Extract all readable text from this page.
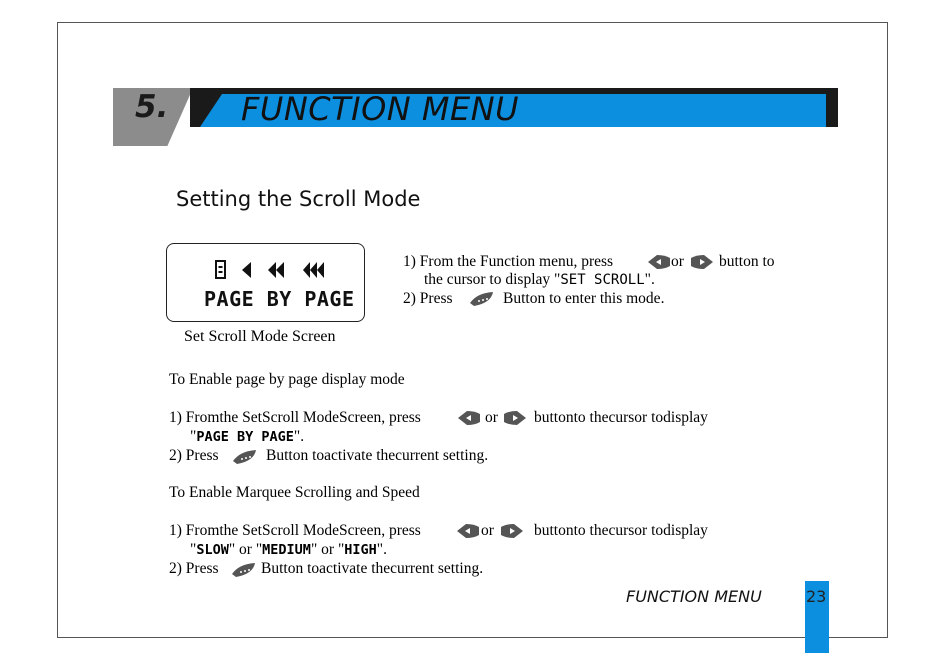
5. FUNCTION MENU
Setting the Scroll Mode
PAGE BY PAGE
Set Scroll Mode Screen
1) From the Function menu, press	or button to
the cursor to display "SET SCROLL".
2) Press	Button to enter this mode.
To Enable page by page display mode
1) Fromthe SetScroll ModeScreen, press	or buttonto thecursor todisplay
"PAGE BY PAGE".
2) Press	Button toactivate thecurrent setting.
To Enable Marquee Scrolling and Speed
1) Fromthe SetScroll ModeScreen, press	or	buttonto thecursor todisplay
"SLOW" or "MEDIUM" or "HIGH".
2) Press	Button toactivate thecurrent setting.
FUNCTION MENU	23
